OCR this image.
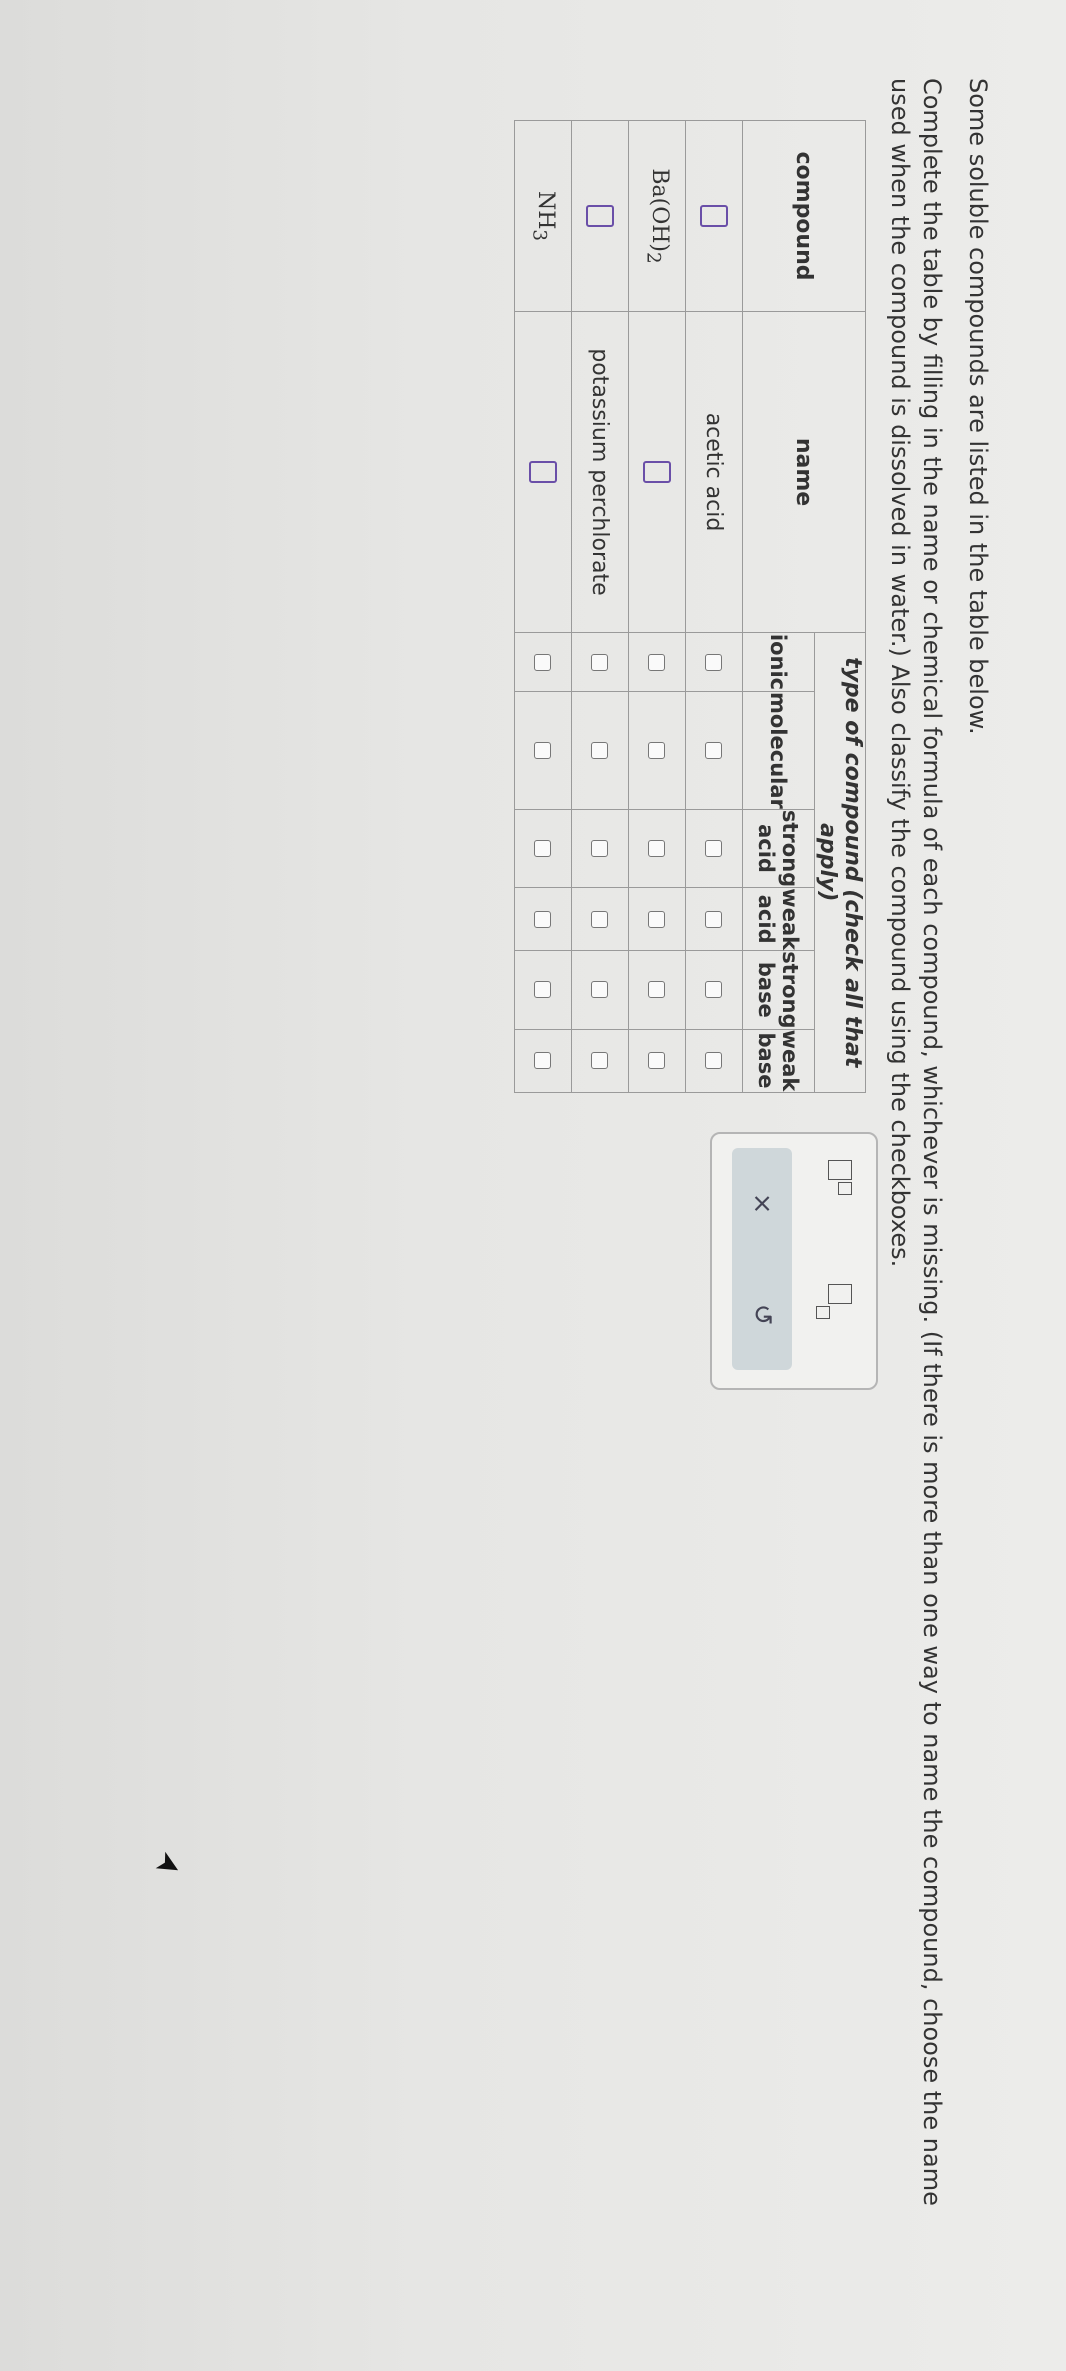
Some soluble compounds are listed in the table below.
Complete the table by filling in the name or chemical formula of each compound, whichever is missing. (If there is more than one way to name the compound, choose the name used when the compound is dissolved in water.) Also classify the compound using the checkboxes.
compound	name	type of compound (check all that apply)					
		ionic	molecular	strong acid	weak acid	strong base	weak base
	acetic acid						
$Ba(OH)_2$							
	potassium perchlorate						
$NH_3$							
×
↺
➤
